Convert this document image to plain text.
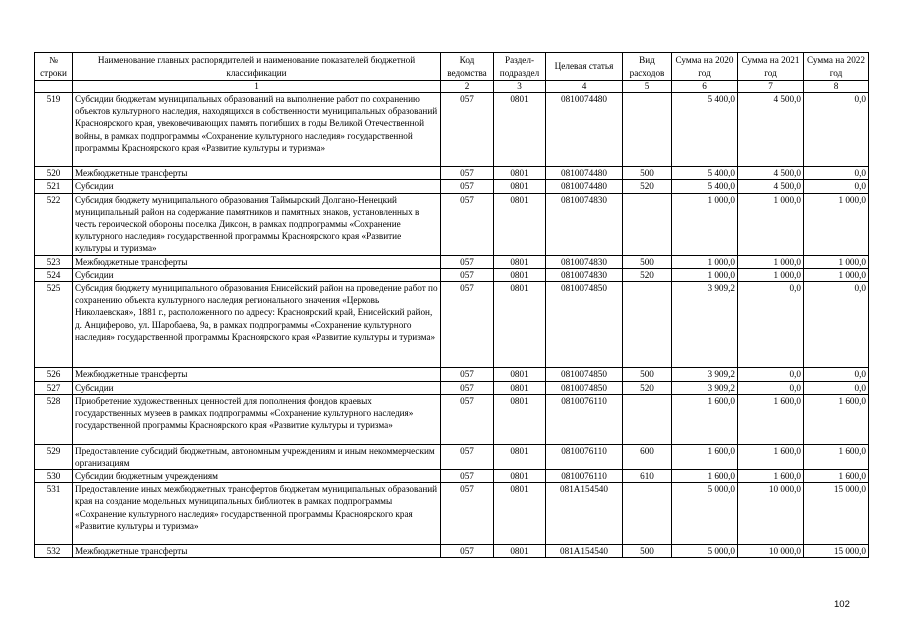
№ строки	Наименование главных распорядителей и наименование показателей бюджетной классификации	Код ведомства	Раздел-подраздел	Целевая статья	Вид расходов	Сумма на 2020 год	Сумма на 2021 год	Сумма на 2022 год
	1	2	3	4	5	6	7	8
519	Субсидии бюджетам муниципальных образований на выполнение работ по сохранению объектов культурного наследия, находящихся в собственности муниципальных образований Красноярского края, увековечивающих память погибших в годы Великой Отечественной войны, в рамках подпрограммы «Сохранение культурного наследия» государственной программы Красноярского края «Развитие культуры и туризма»	057	0801	0810074480		5 400,0	4 500,0	0,0
520	Межбюджетные трансферты	057	0801	0810074480	500	5 400,0	4 500,0	0,0
521	Субсидии	057	0801	0810074480	520	5 400,0	4 500,0	0,0
522	Субсидия бюджету муниципального образования Таймырский Долгано-Ненецкий муниципальный район на содержание памятников и памятных знаков, установленных в честь героической обороны поселка Диксон, в рамках подпрограммы «Сохранение культурного наследия» государственной программы Красноярского края «Развитие культуры и туризма»	057	0801	0810074830		1 000,0	1 000,0	1 000,0
523	Межбюджетные трансферты	057	0801	0810074830	500	1 000,0	1 000,0	1 000,0
524	Субсидии	057	0801	0810074830	520	1 000,0	1 000,0	1 000,0
525	Субсидия бюджету муниципального образования Енисейский район на проведение работ по сохранению объекта культурного наследия регионального значения «Церковь Николаевская», 1881 г., расположенного по адресу: Красноярский край, Енисейский район, д. Анциферово, ул. Шаробаева, 9а, в рамках подпрограммы «Сохранение культурного наследия» государственной программы Красноярского края «Развитие культуры и туризма»	057	0801	0810074850		3 909,2	0,0	0,0
526	Межбюджетные трансферты	057	0801	0810074850	500	3 909,2	0,0	0,0
527	Субсидии	057	0801	0810074850	520	3 909,2	0,0	0,0
528	Приобретение художественных ценностей для пополнения фондов краевых государственных музеев в рамках подпрограммы «Сохранение культурного наследия» государственной программы Красноярского края «Развитие культуры и туризма»	057	0801	0810076110		1 600,0	1 600,0	1 600,0
529	Предоставление субсидий бюджетным, автономным учреждениям и иным некоммерческим организациям	057	0801	0810076110	600	1 600,0	1 600,0	1 600,0
530	Субсидии бюджетным учреждениям	057	0801	0810076110	610	1 600,0	1 600,0	1 600,0
531	Предоставление иных межбюджетных трансфертов бюджетам муниципальных образований края на создание модельных муниципальных библиотек в рамках подпрограммы «Сохранение культурного наследия» государственной программы Красноярского края «Развитие культуры и туризма»	057	0801	081A154540		5 000,0	10 000,0	15 000,0
532	Межбюджетные трансферты	057	0801	081A154540	500	5 000,0	10 000,0	15 000,0
102
